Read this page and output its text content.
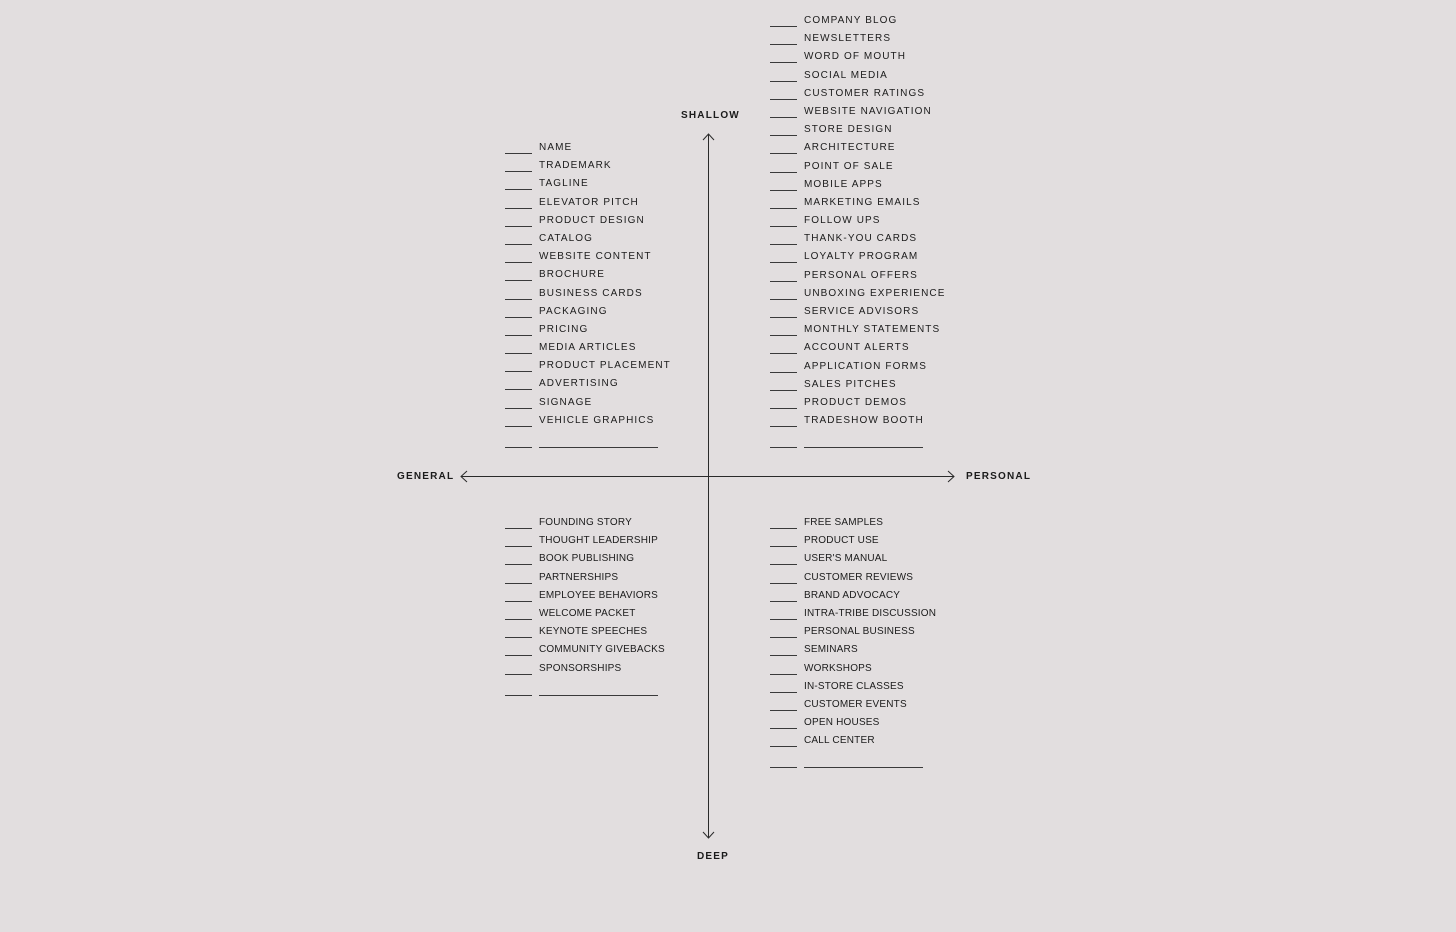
SHALLOW
DEEP
GENERAL	PERSONAL
NAME
TRADEMARK
TAGLINE
ELEVATOR PITCH
PRODUCT DESIGN
CATALOG
WEBSITE CONTENT
BROCHURE
BUSINESS CARDS
PACKAGING
PRICING
MEDIA ARTICLES
PRODUCT PLACEMENT
ADVERTISING
SIGNAGE
VEHICLE GRAPHICS
COMPANY BLOG
NEWSLETTERS
WORD OF MOUTH
SOCIAL MEDIA
CUSTOMER RATINGS
WEBSITE NAVIGATION
STORE DESIGN
ARCHITECTURE
POINT OF SALE
MOBILE APPS
MARKETING EMAILS
FOLLOW UPS
THANK-YOU CARDS
LOYALTY PROGRAM
PERSONAL OFFERS
UNBOXING EXPERIENCE
SERVICE ADVISORS
MONTHLY STATEMENTS
ACCOUNT ALERTS
APPLICATION FORMS
SALES PITCHES
PRODUCT DEMOS
TRADESHOW BOOTH
FOUNDING STORY
THOUGHT LEADERSHIP
BOOK PUBLISHING
PARTNERSHIPS
EMPLOYEE BEHAVIORS
WELCOME PACKET
KEYNOTE SPEECHES
COMMUNITY GIVEBACKS
SPONSORSHIPS
FREE SAMPLES
PRODUCT USE
USER'S MANUAL
CUSTOMER REVIEWS
BRAND ADVOCACY
INTRA-TRIBE DISCUSSION
PERSONAL BUSINESS
SEMINARS
WORKSHOPS
IN-STORE CLASSES
CUSTOMER EVENTS
OPEN HOUSES
CALL CENTER
